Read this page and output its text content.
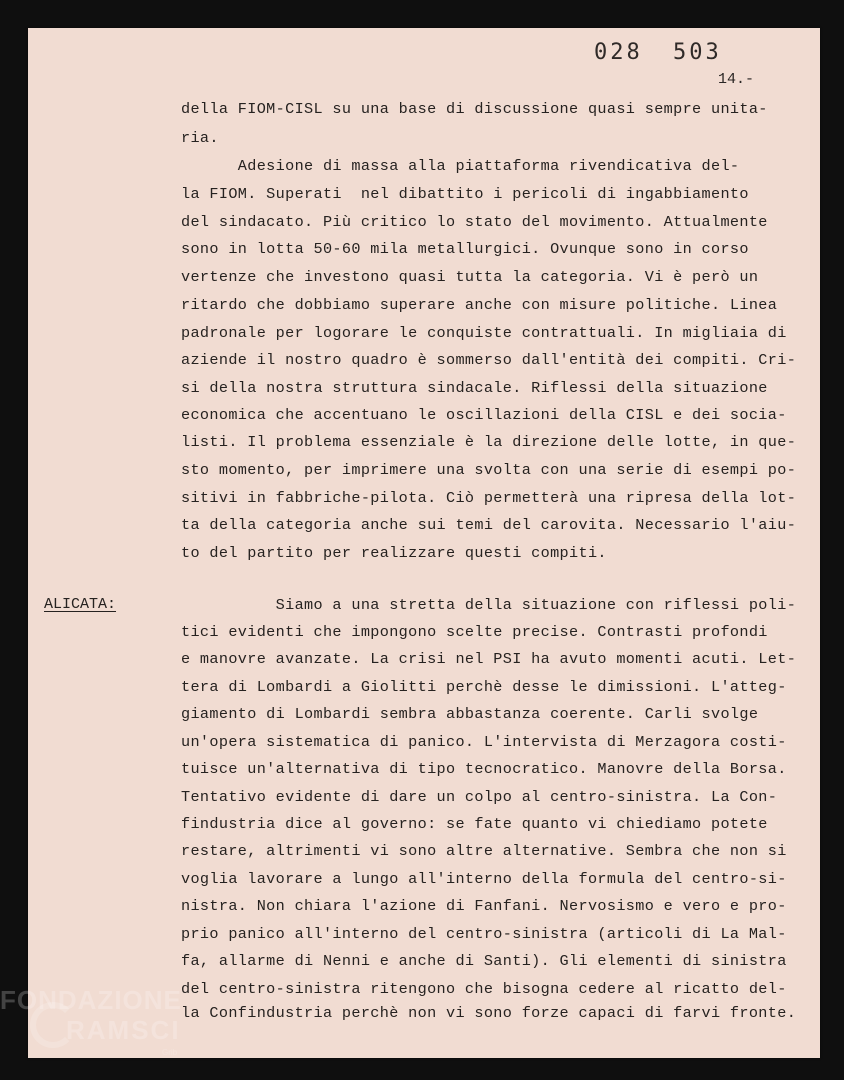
028 503
14.-
ALICATA:
della FIOM-CISL su una base di discussione quasi sempre unita-
ria.
Adesione di massa alla piattaforma rivendicativa del-
la FIOM. Superati  nel dibattito i pericoli di ingabbiamento
del sindacato. Più critico lo stato del movimento. Attualmente
sono in lotta 50-60 mila metallurgici. Ovunque sono in corso
vertenze che investono quasi tutta la categoria. Vi è però un
ritardo che dobbiamo superare anche con misure politiche. Linea
padronale per logorare le conquiste contrattuali. In migliaia di
aziende il nostro quadro è sommerso dall'entità dei compiti. Cri-
si della nostra struttura sindacale. Riflessi della situazione
economica che accentuano le oscillazioni della CISL e dei socia-
listi. Il problema essenziale è la direzione delle lotte, in que-
sto momento, per imprimere una svolta con una serie di esempi po-
sitivi in fabbriche-pilota. Ciò permetterà una ripresa della lot-
ta della categoria anche sui temi del carovita. Necessario l'aiu-
to del partito per realizzare questi compiti.
Siamo a una stretta della situazione con riflessi poli-
tici evidenti che impongono scelte precise. Contrasti profondi
e manovre avanzate. La crisi nel PSI ha avuto momenti acuti. Let-
tera di Lombardi a Giolitti perchè desse le dimissioni. L'atteg-
giamento di Lombardi sembra abbastanza coerente. Carli svolge
un'opera sistematica di panico. L'intervista di Merzagora costi-
tuisce un'alternativa di tipo tecnocratico. Manovre della Borsa.
Tentativo evidente di dare un colpo al centro-sinistra. La Con-
findustria dice al governo: se fate quanto vi chiediamo potete
restare, altrimenti vi sono altre alternative. Sembra che non si
voglia lavorare a lungo all'interno della formula del centro-si-
nistra. Non chiara l'azione di Fanfani. Nervosismo e vero e pro-
prio panico all'interno del centro-sinistra (articoli di La Mal-
fa, allarme di Nenni e anche di Santi). Gli elementi di sinistra
del centro-sinistra ritengono che bisogna cedere al ricatto del-
la Confindustria perchè non vi sono forze capaci di farvi fronte.
FONDAZIONE
RAMSCI
Grib
